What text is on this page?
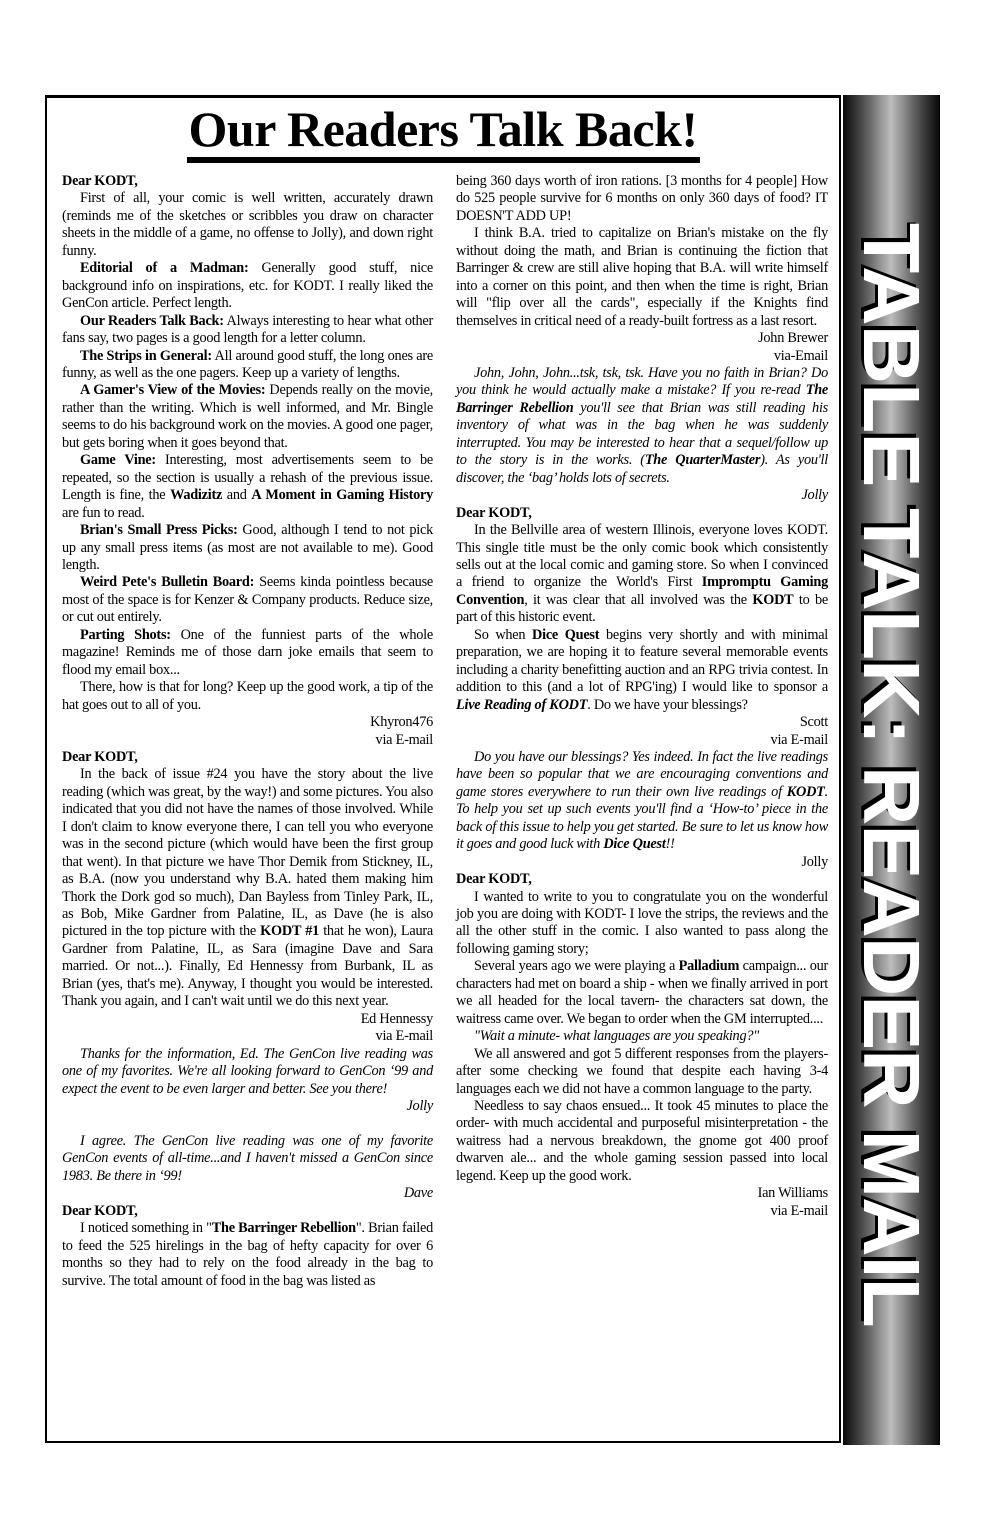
Our Readers Talk Back!
Dear KODT,
First of all, your comic is well written, accurately drawn (reminds me of the sketches or scribbles you draw on character sheets in the middle of a game, no offense to Jolly), and down right funny.
Editorial of a Madman: Generally good stuff, nice background info on inspirations, etc. for KODT. I really liked the GenCon article. Perfect length.
Our Readers Talk Back: Always interesting to hear what other fans say, two pages is a good length for a letter column.
The Strips in General: All around good stuff, the long ones are funny, as well as the one pagers. Keep up a variety of lengths.
A Gamer's View of the Movies: Depends really on the movie, rather than the writing. Which is well informed, and Mr. Bingle seems to do his background work on the movies. A good one pager, but gets boring when it goes beyond that.
Game Vine: Interesting, most advertisements seem to be repeated, so the section is usually a rehash of the previous issue. Length is fine, the Wadizitz and A Moment in Gaming History are fun to read.
Brian's Small Press Picks: Good, although I tend to not pick up any small press items (as most are not available to me). Good length.
Weird Pete's Bulletin Board: Seems kinda pointless because most of the space is for Kenzer & Company products. Reduce size, or cut out entirely.
Parting Shots: One of the funniest parts of the whole magazine! Reminds me of those darn joke emails that seem to flood my email box...
There, how is that for long? Keep up the good work, a tip of the hat goes out to all of you.
Khyron476
via E-mail
Dear KODT,
In the back of issue #24 you have the story about the live reading (which was great, by the way!) and some pictures. You also indicated that you did not have the names of those involved. While I don't claim to know everyone there, I can tell you who everyone was in the second picture (which would have been the first group that went). In that picture we have Thor Demik from Stickney, IL, as B.A. (now you understand why B.A. hated them making him Thork the Dork god so much), Dan Bayless from Tinley Park, IL, as Bob, Mike Gardner from Palatine, IL, as Dave (he is also pictured in the top picture with the KODT #1 that he won), Laura Gardner from Palatine, IL, as Sara (imagine Dave and Sara married. Or not...). Finally, Ed Hennessy from Burbank, IL as Brian (yes, that's me). Anyway, I thought you would be interested. Thank you again, and I can't wait until we do this next year.
Ed Hennessy
via E-mail
Thanks for the information, Ed. The GenCon live reading was one of my favorites. We're all looking forward to GenCon ‘99 and expect the event to be even larger and better. See you there!
Jolly
I agree. The GenCon live reading was one of my favorite GenCon events of all-time...and I haven't missed a GenCon since 1983. Be there in ‘99!
Dave
Dear KODT,
I noticed something in "The Barringer Rebellion". Brian failed to feed the 525 hirelings in the bag of hefty capacity for over 6 months so they had to rely on the food already in the bag to survive. The total amount of food in the bag was listed as
being 360 days worth of iron rations. [3 months for 4 people] How do 525 people survive for 6 months on only 360 days of food? IT DOESN'T ADD UP!
I think B.A. tried to capitalize on Brian's mistake on the fly without doing the math, and Brian is continuing the fiction that Barringer & crew are still alive hoping that B.A. will write himself into a corner on this point, and then when the time is right, Brian will "flip over all the cards", especially if the Knights find themselves in critical need of a ready-built fortress as a last resort.
John Brewer
via-Email
John, John, John...tsk, tsk, tsk. Have you no faith in Brian? Do you think he would actually make a mistake? If you re-read The Barringer Rebellion you'll see that Brian was still reading his inventory of what was in the bag when he was suddenly interrupted. You may be interested to hear that a sequel/follow up to the story is in the works. (The QuarterMaster). As you'll discover, the ‘bag’ holds lots of secrets.
Jolly
Dear KODT,
In the Bellville area of western Illinois, everyone loves KODT. This single title must be the only comic book which consistently sells out at the local comic and gaming store. So when I convinced a friend to organize the World's First Impromptu Gaming Convention, it was clear that all involved was the KODT to be part of this historic event.
So when Dice Quest begins very shortly and with minimal preparation, we are hoping it to feature several memorable events including a charity benefitting auction and an RPG trivia contest. In addition to this (and a lot of RPG'ing) I would like to sponsor a Live Reading of KODT. Do we have your blessings?
Scott
via E-mail
Do you have our blessings? Yes indeed. In fact the live readings have been so popular that we are encouraging conventions and game stores everywhere to run their own live readings of KODT. To help you set up such events you'll find a ‘How-to’ piece in the back of this issue to help you get started. Be sure to let us know how it goes and good luck with Dice Quest!!
Jolly
Dear KODT,
I wanted to write to you to congratulate you on the wonderful job you are doing with KODT- I love the strips, the reviews and the all the other stuff in the comic. I also wanted to pass along the following gaming story;
Several years ago we were playing a Palladium campaign... our characters had met on board a ship - when we finally arrived in port we all headed for the local tavern- the characters sat down, the waitress came over. We began to order when the GM interrupted....
"Wait a minute- what languages are you speaking?"
We all answered and got 5 different responses from the players-after some checking we found that despite each having 3-4 languages each we did not have a common language to the party.
Needless to say chaos ensued... It took 45 minutes to place the order- with much accidental and purposeful misinterpretation - the waitress had a nervous breakdown, the gnome got 400 proof dwarven ale... and the whole gaming session passed into local legend. Keep up the good work.
Ian Williams
via E-mail TABLE TALK: READER MAIL
